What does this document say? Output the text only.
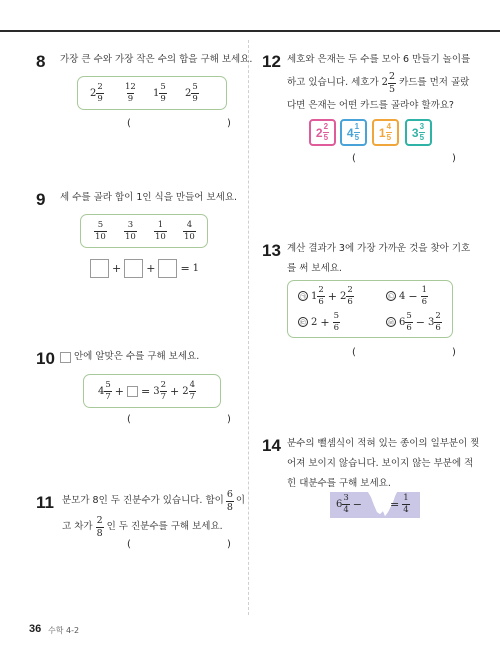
8 가장 큰 수와 가장 작은 수의 합을 구해 보세요.
2
2
9
12
9 1
5
9 2
5
9
(	)
9 세 수를 골라 합이 1인 식을 만들어 보세요.
5
10
3
10
1
10
4
10
+ + = 1
10 안에 알맞은 수를 구해 보세요.
4
5
7 + = 3
2
7 + 2
4
7
(	)
11 분모가 8인 두 진분수가 있습니다. 합이
6
8
이
고 차가
2
8
인 두 진분수를 구해 보세요.
(	)
12 세호와 은재는 두 수를 모아 6 만들기 놀이를
하고 있습니다. 세호가 2
2
5
카드를 먼저 골랐
다면 은재는 어떤 카드를 골라야 할까요?
2 2
5 4 1
5 1 4
5 3 3
5
(	)
13 계산 결과가 3에 가장 가까운 것을 찾아 기호
를 써 보세요.
㉠ 1
2
6 + 2
2
6	㉡ $4 - \frac{1}{6}$
㉢ $2 + \frac{5}{6}$	㉣ 6
5
6 − 3
2
6
(	)
14 분수의 뺄셈식이 적혀 있는 종이의 일부분이 찢
어져 보이지 않습니다. 보이지 않는 부분에 적
힌 대분수를 구해 보세요.
6
3
4 −	= $\frac{1}{4}$
36 수학 4-2
